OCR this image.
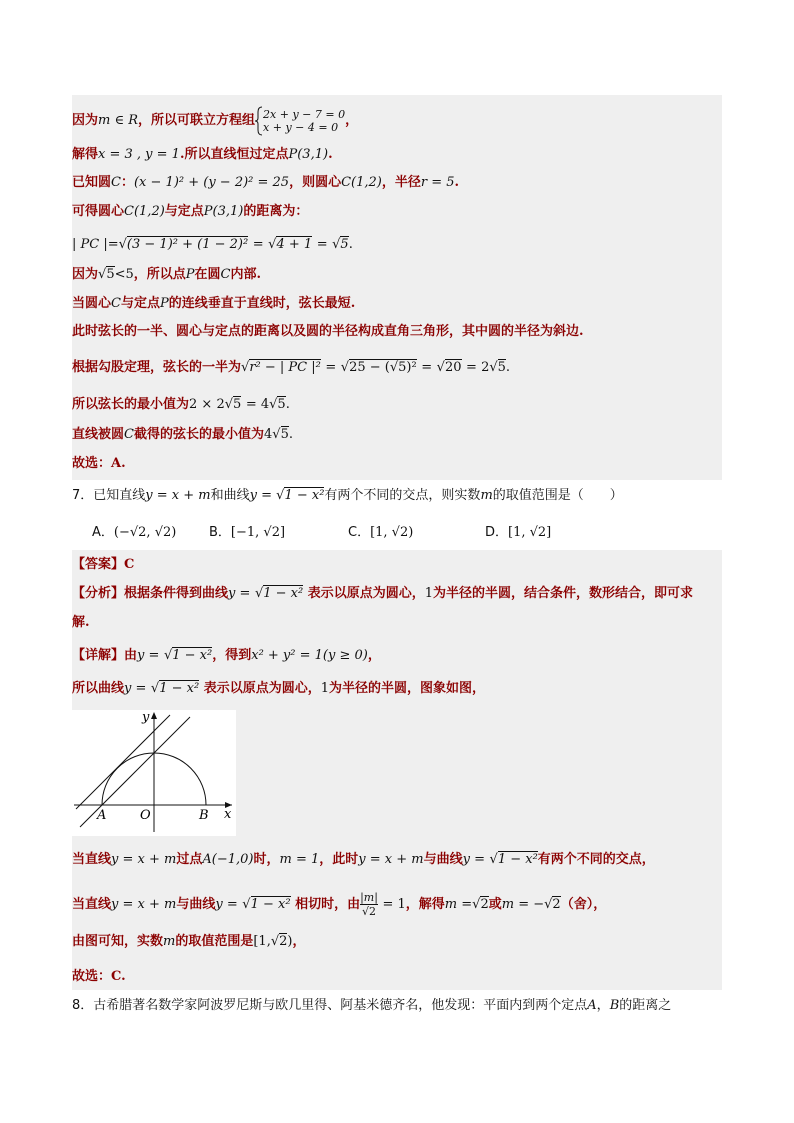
因为m ∈ R，所以可联立方程组 2x + y − 7 = 0
x + y − 4 = 0 ，
解得x = 3 , y = 1.所以直线恒过定点P(3,1).
已知圆C：(x − 1)² + (y − 2)² = 25，则圆心C(1,2)，半径r = 5.
可得圆心C(1,2)与定点P(3,1)的距离为：
| PC |=√(3 − 1)² + (1 − 2)² = √4 + 1 = √5.
因为√5<5，所以点P在圆C内部.
当圆心C与定点P的连线垂直于直线时，弦长最短.
此时弦长的一半、圆心与定点的距离以及圆的半径构成直角三角形，其中圆的半径为斜边.
根据勾股定理，弦长的一半为√r² − | PC |² = √25 − (√5)² = √20 = 2√5.
所以弦长的最小值为2 × 2√5 = 4√5.
直线被圆C截得的弦长的最小值为4√5.
故选：A.
7．已知直线y = x + m和曲线y = √1 − x²有两个不同的交点，则实数m的取值范围是（　　）
A．(−√2, √2)	B．[−1, √2]	C．[1, √2)	D．[1, √2]
【答案】C
【分析】根据条件得到曲线y = √1 − x² 表示以原点为圆心，1为半径的半圆，结合条件，数形结合，即可求
解.
【详解】由y = √1 − x²，得到x² + y² = 1(y ≥ 0)，
所以曲线y = √1 − x² 表示以原点为圆心，1为半径的半圆，图象如图，
y
x
A	O	B
当直线y = x + m过点A(−1,0)时，m = 1，此时y = x + m与曲线y = √1 − x²有两个不同的交点，
当直线y = x + m与曲线y = √1 − x² 相切时，由 $\frac{|m|}{√2} = 1$，解得m =√2或m = −√2（舍），
由图可知，实数m的取值范围是[1,√2)，
故选：C.
8．古希腊著名数学家阿波罗尼斯与欧几里得、阿基米德齐名，他发现：平面内到两个定点A，B的距离之
